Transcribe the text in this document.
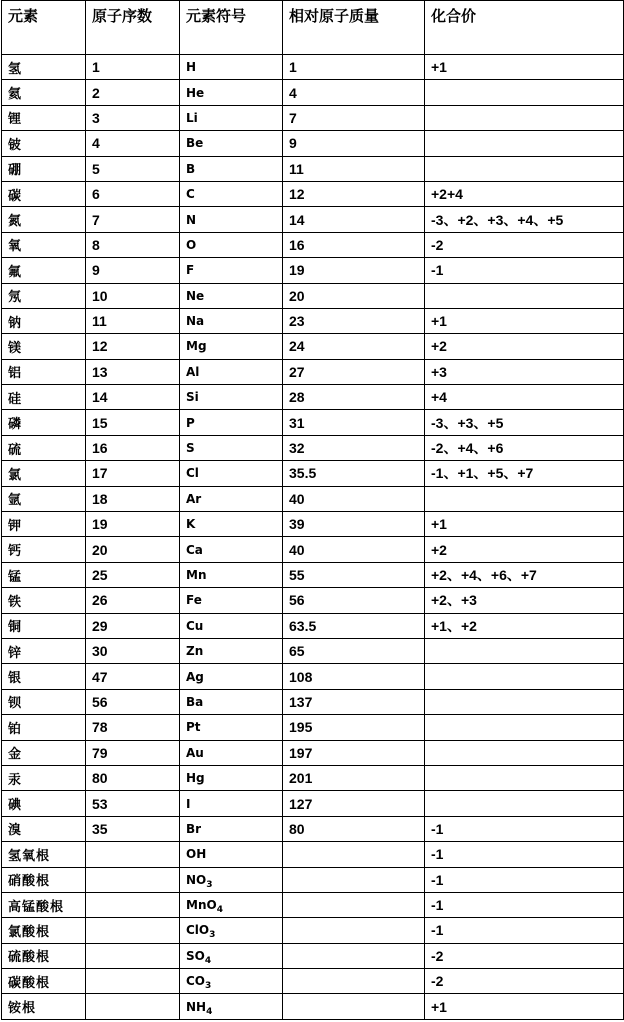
元素	原子序数	元素符号	相对原子质量	化合价
氢	1	H	1	+1
氦	2	He	4	
锂	3	Li	7	
铍	4	Be	9	
硼	5	B	11	
碳	6	C	12	+2+4
氮	7	N	14	-3、+2、+3、+4、+5
氧	8	O	16	-2
氟	9	F	19	-1
氖	10	Ne	20	
钠	11	Na	23	+1
镁	12	Mg	24	+2
铝	13	Al	27	+3
硅	14	Si	28	+4
磷	15	P	31	-3、+3、+5
硫	16	S	32	-2、+4、+6
氯	17	Cl	35.5	-1、+1、+5、+7
氩	18	Ar	40	
钾	19	K	39	+1
钙	20	Ca	40	+2
锰	25	Mn	55	+2、+4、+6、+7
铁	26	Fe	56	+2、+3
铜	29	Cu	63.5	+1、+2
锌	30	Zn	65	
银	47	Ag	108	
钡	56	Ba	137	
铂	78	Pt	195	
金	79	Au	197	
汞	80	Hg	201	
碘	53	I	127	
溴	35	Br	80	-1
氢氧根		OH		-1
硝酸根		$NO_3$		-1
高锰酸根		MnO$_4$		-1
氯酸根		ClO$_3$		-1
硫酸根		$SO_4$		-2
碳酸根		$CO_3$		-2
铵根		$NH_4$		+1
